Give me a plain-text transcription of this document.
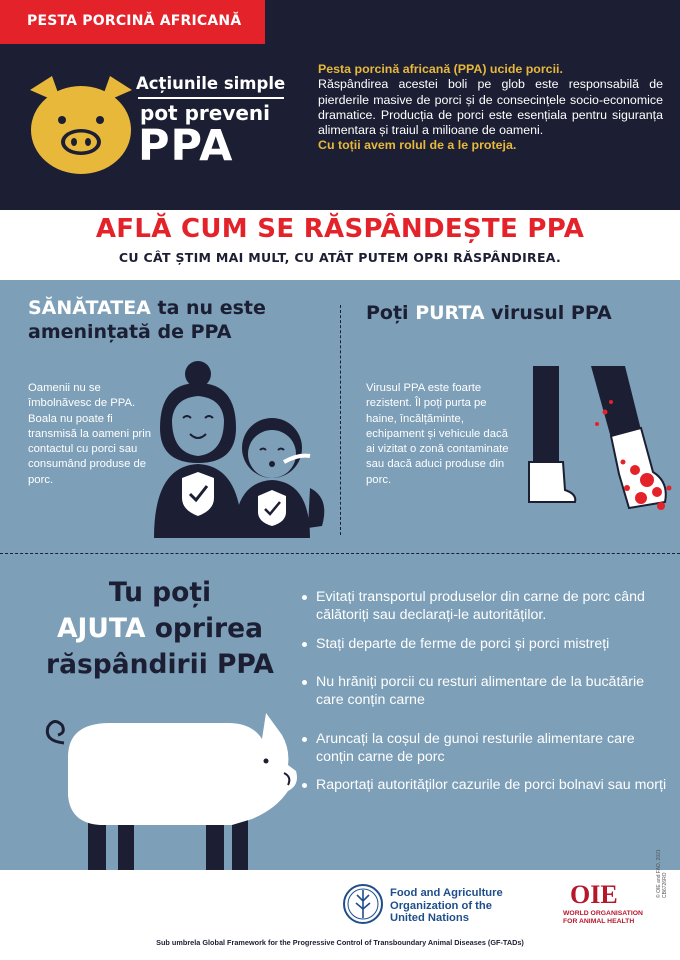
PESTA PORCINĂ AFRICANĂ
Acțiunile simple
pot preveni
PPA
Pesta porcină africană (PPA) ucide porcii.
Răspândirea acestei boli pe glob este responsabilă de pierderile masive de porci și de consecințele socio-economice dramatice. Producția de porci este esențiala pentru siguranța alimentara și traiul a milioane de oameni.
Cu toții avem rolul de a le proteja.
AFLĂ CUM SE RĂSPÂNDEȘTE PPA
CU CÂT ȘTIM MAI MULT, CU ATÂT PUTEM OPRI RĂSPÂNDIREA.
SĂNĂTATEA ta nu este amenințată de PPA
Oamenii nu se îmbolnăvesc de PPA. Boala nu poate fi transmisă la oameni prin contactul cu porci sau consumând produse de porc.
Poți PURTA virusul PPA
Virusul PPA este foarte rezistent. Îl poți purta pe haine, încălțăminte, echipament și vehicule dacă ai vizitat o zonă contaminate sau dacă aduci produse din porc.
Tu poți
AJUTA oprirea
răspândirii PPA
Evitați transportul produselor din carne de porc când călătoriți sau declarați-le autorităților.
Stați departe de ferme de porci și porci mistreți
Nu hrăniți porcii cu resturi alimentare de la bucătărie care conțin carne
Aruncați la coșul de gunoi resturile alimentare care conțin carne de porc
Raportați autorităților cazurile de porci bolnavi sau morți
Food and Agriculture
Organization of the
United Nations
OIE
WORLD ORGANISATION
FOR ANIMAL HEALTH
© OIE and FAO, 2021 CB6726RO
Sub umbrela Global Framework for the Progressive Control of Transboundary Animal Diseases (GF-TADs)
